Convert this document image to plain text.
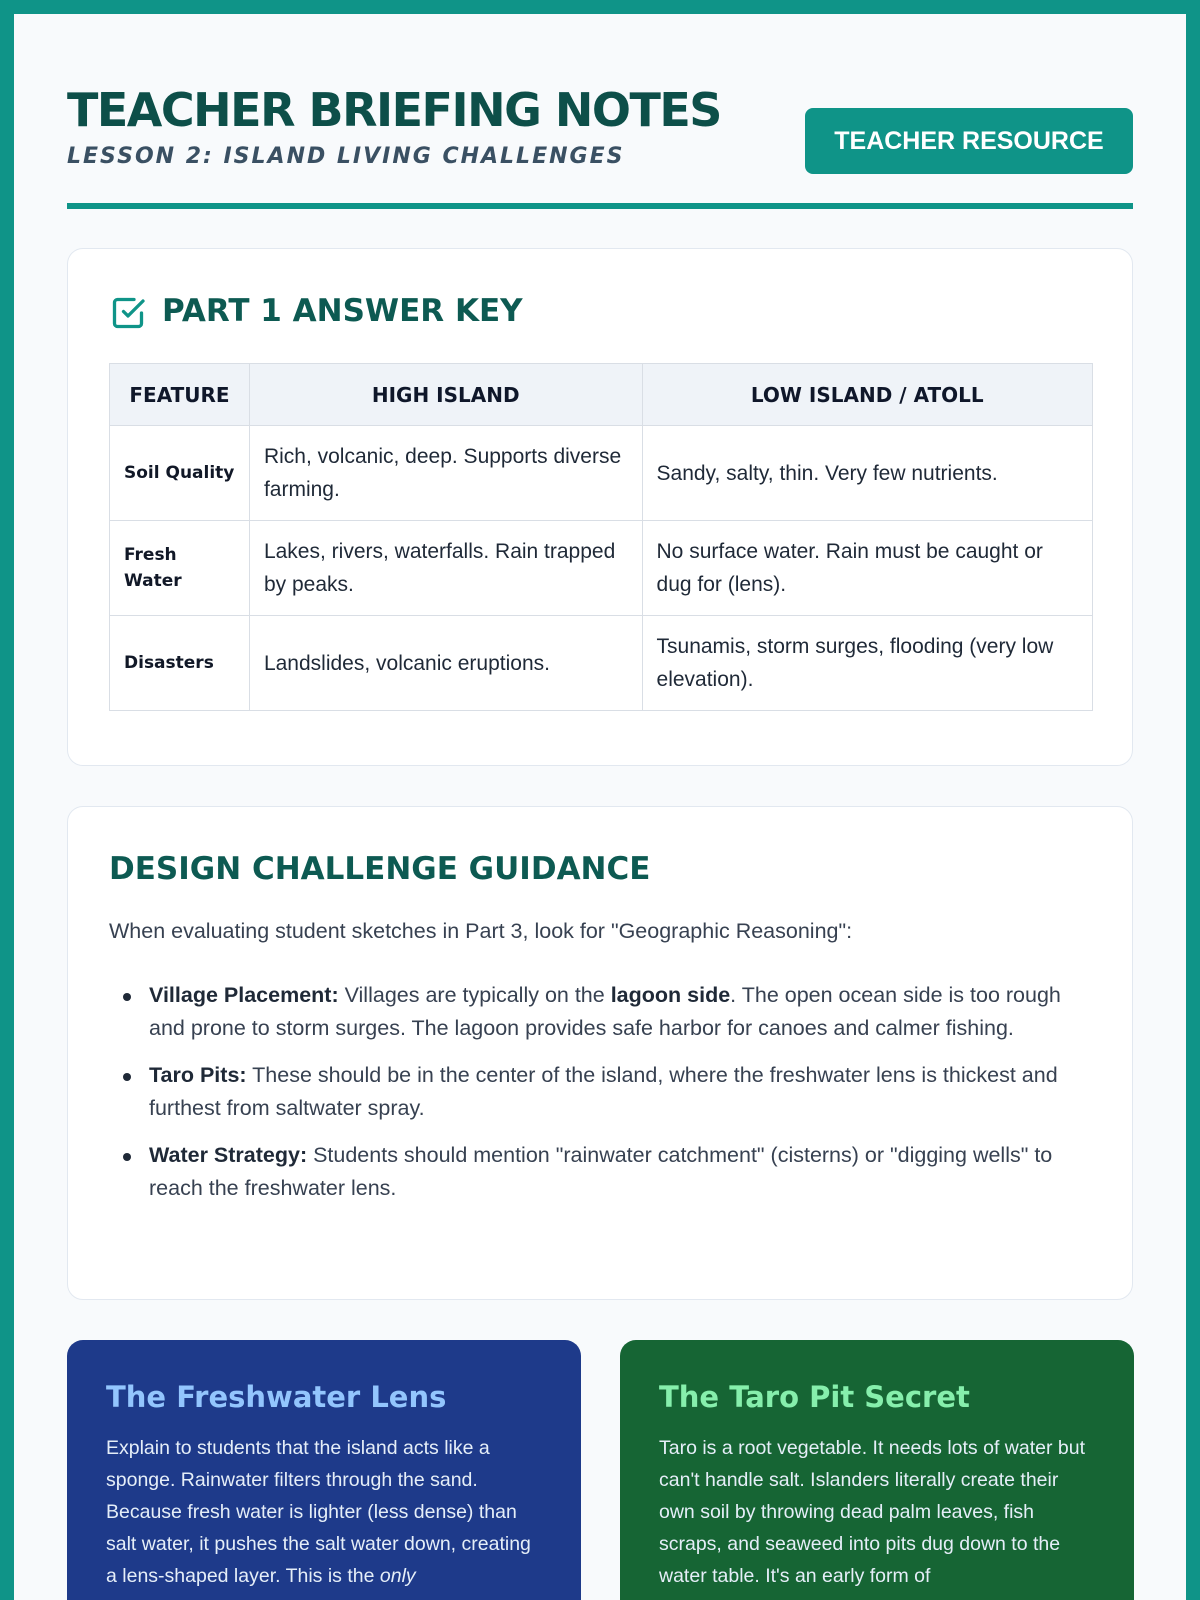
TEACHER BRIEFING NOTES
LESSON 2: ISLAND LIVING CHALLENGES
TEACHER RESOURCE
PART 1 ANSWER KEY
FEATURE	HIGH ISLAND	LOW ISLAND / ATOLL
Soil Quality	Rich, volcanic, deep. Supports diverse farming.	Sandy, salty, thin. Very few nutrients.
Fresh Water	Lakes, rivers, waterfalls. Rain trapped by peaks.	No surface water. Rain must be caught or dug for (lens).
Disasters	Landslides, volcanic eruptions.	Tsunamis, storm surges, flooding (very low elevation).
DESIGN CHALLENGE GUIDANCE
When evaluating student sketches in Part 3, look for "Geographic Reasoning":
Village Placement: Villages are typically on the lagoon side. The open ocean side is too rough and prone to storm surges. The lagoon provides safe harbor for canoes and calmer fishing.
Taro Pits: These should be in the center of the island, where the freshwater lens is thickest and furthest from saltwater spray.
Water Strategy: Students should mention "rainwater catchment" (cisterns) or "digging wells" to reach the freshwater lens.
The Freshwater Lens

Explain to students that the island acts like a sponge. Rainwater filters through the sand. Because fresh water is lighter (less dense) than salt water, it pushes the salt water down, creating a lens-shaped layer. This is the only

The Taro Pit Secret

Taro is a root vegetable. It needs lots of water but can't handle salt. Islanders literally create their own soil by throwing dead palm leaves, fish scraps, and seaweed into pits dug down to the water table. It's an early form of
